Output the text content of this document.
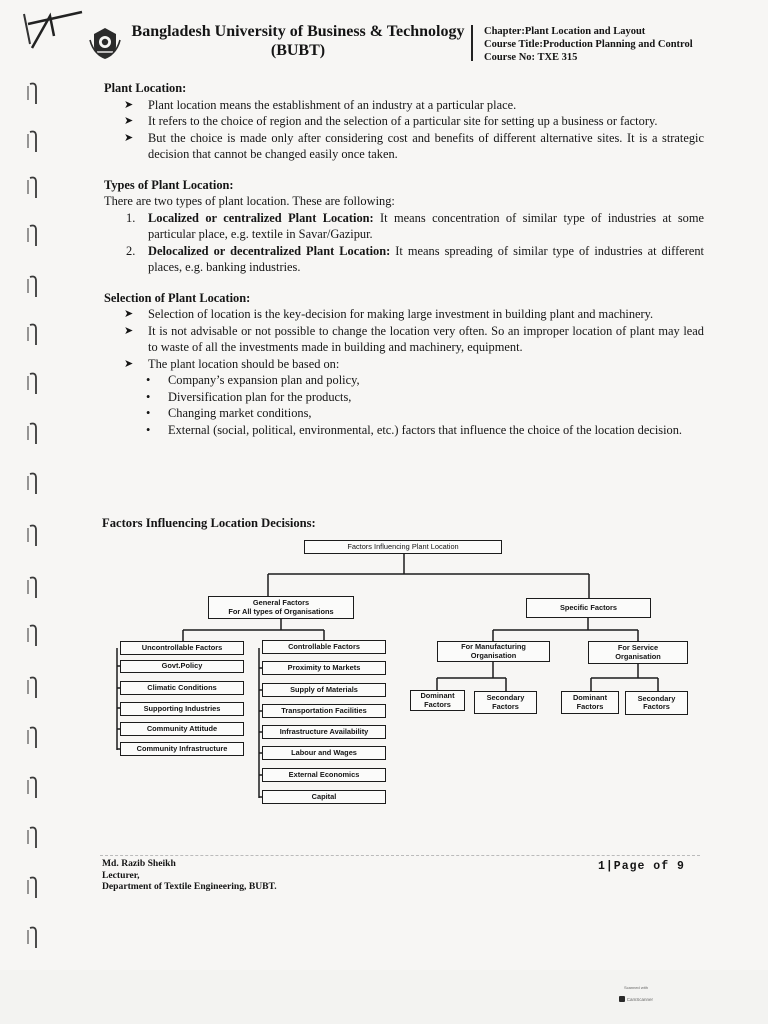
Bangladesh University of Business & Technology
(BUBT)
Chapter:Plant Location and Layout
Course Title:Production Planning and Control
Course No: TXE 315

Plant Location:

➤ Plant location means the establishment of an industry at a particular place.
➤ It refers to the choice of region and the selection of a particular site for setting up a business or factory.
➤ But the choice is made only after considering cost and benefits of different alternative sites. It is a strategic decision that cannot be changed easily once taken.

Types of Plant Location:

There are two types of plant location. These are following:

1. Localized or centralized Plant Location: It means concentration of similar type of industries at some particular place, e.g. textile in Savar/Gazipur.
2. Delocalized or decentralized Plant Location: It means spreading of similar type of industries at different places, e.g. banking industries.

Selection of Plant Location:

➤ Selection of location is the key-decision for making large investment in building plant and machinery.
➤ It is not advisable or not possible to change the location very often. So an improper location of plant may lead to waste of all the investments made in building and machinery, equipment.
➤ The plant location should be based on:
• Company’s expansion plan and policy,
• Diversification plan for the products,
• Changing market conditions,
• External (social, political, environmental, etc.) factors that influence the choice of the location decision.
Factors Influencing Location Decisions:
Factors Influencing Plant Location
General Factors
For All types of Organisations	Specific Factors
Uncontrollable Factors
Govt.Policy
Climatic Conditions
Supporting Industries
Community Attitude
Community Infrastructure
Controllable Factors
Proximity to Markets
Supply of Materials
Transportation Facilities
Infrastructure Availability
Labour and Wages
External Economics
Capital
For Manufacturing
Organisation
For Service
Organisation
Dominant
Factors
Secondary
Factors
Dominant
Factors
Secondary
Factors
Md. Razib Sheikh
Lecturer,
Department of Textile Engineering, BUBT.
1|Page of 9
Scanned with
CamScanner
